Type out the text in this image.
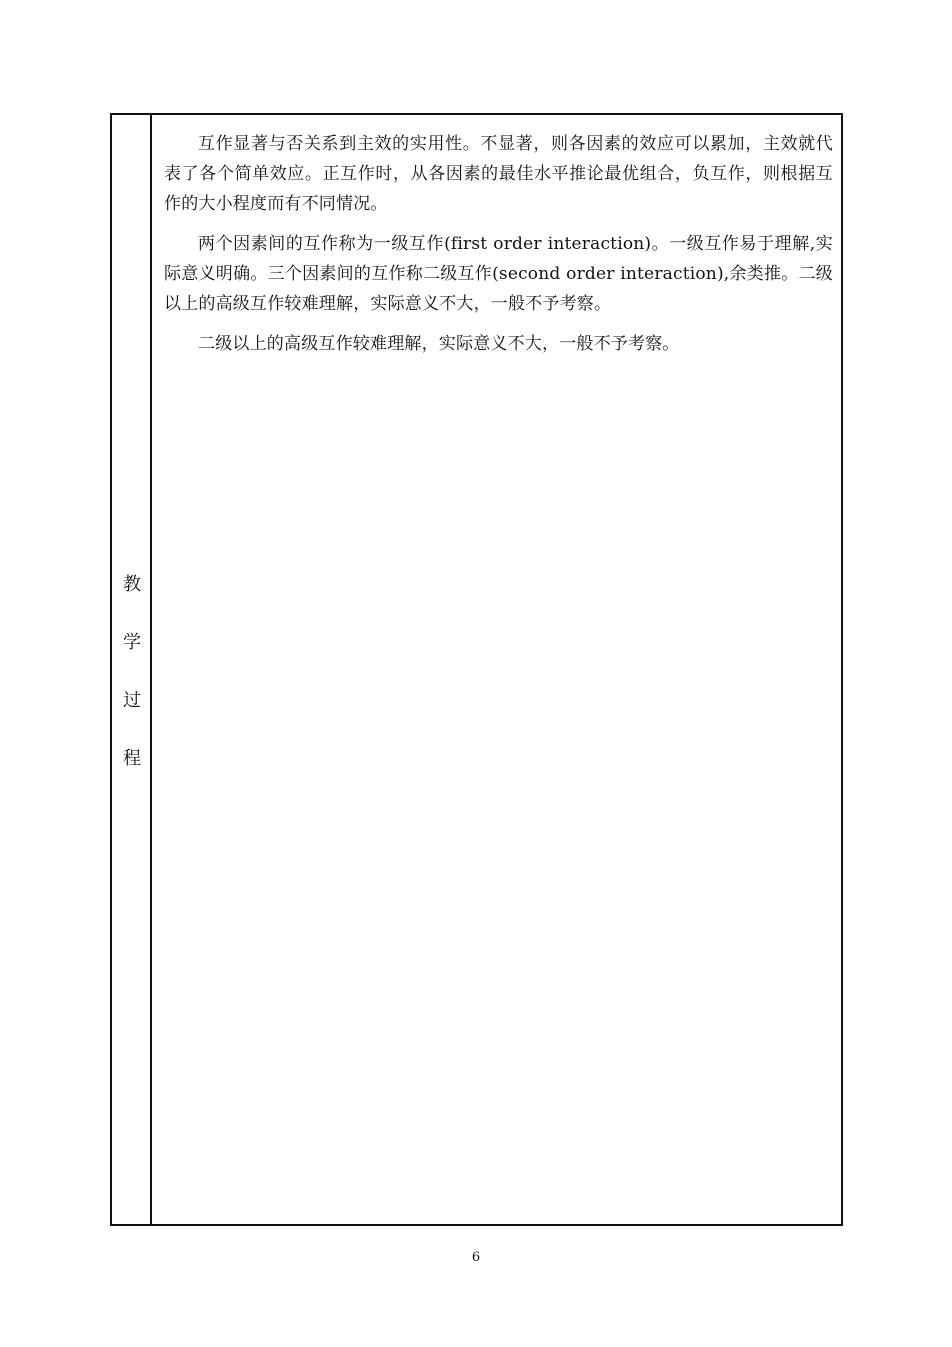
教
学
过
程

互作显著与否关系到主效的实用性。不显著，则各因素的效应可以累加，主效就代表了各个简单效应。正互作时，从各因素的最佳水平推论最优组合，负互作，则根据互作的大小程度而有不同情况。

两个因素间的互作称为一级互作(first order interaction)。一级互作易于理解,实际意义明确。三个因素间的互作称二级互作(second order interaction),余类推。二级以上的高级互作较难理解，实际意义不大，一般不予考察。

二级以上的高级互作较难理解，实际意义不大，一般不予考察。

6
